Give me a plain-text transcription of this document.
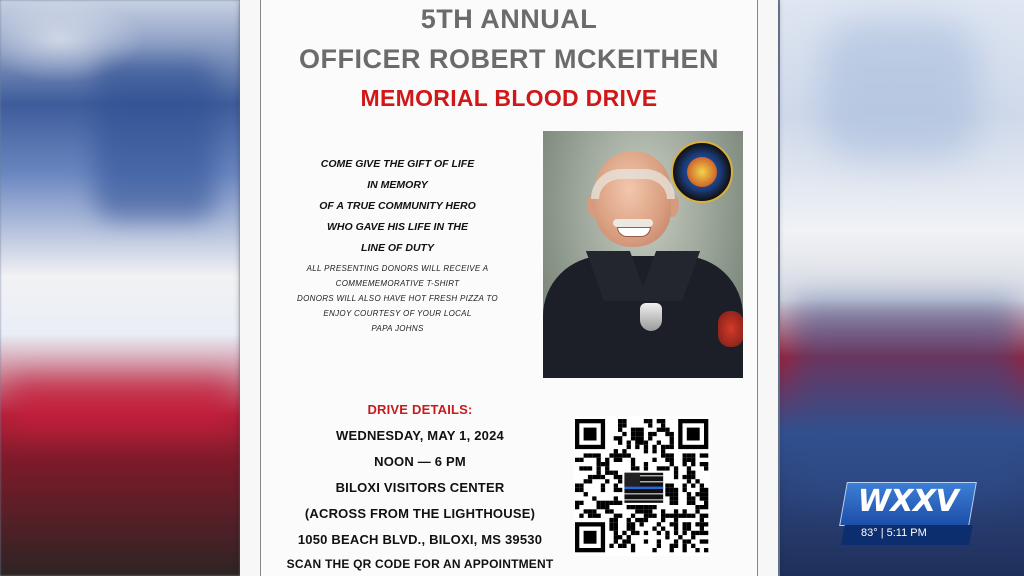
5TH ANNUAL
OFFICER ROBERT MCKEITHEN
MEMORIAL BLOOD DRIVE
COME GIVE THE GIFT OF LIFE
IN MEMORY
OF A TRUE COMMUNITY HERO
WHO GAVE HIS LIFE IN THE
LINE OF DUTY
ALL PRESENTING DONORS WILL RECEIVE A
COMMEMEMORATIVE T-SHIRT
DONORS WILL ALSO HAVE HOT FRESH PIZZA TO
ENJOY COURTESY OF YOUR LOCAL
PAPA JOHNS
DRIVE DETAILS:
WEDNESDAY, MAY 1, 2024
NOON — 6 PM
BILOXI VISITORS CENTER
(ACROSS FROM THE LIGHTHOUSE)
1050 BEACH BLVD., BILOXI, MS 39530
SCAN THE QR CODE FOR AN APPOINTMENT
WXXV
83° | 5:11 PM
